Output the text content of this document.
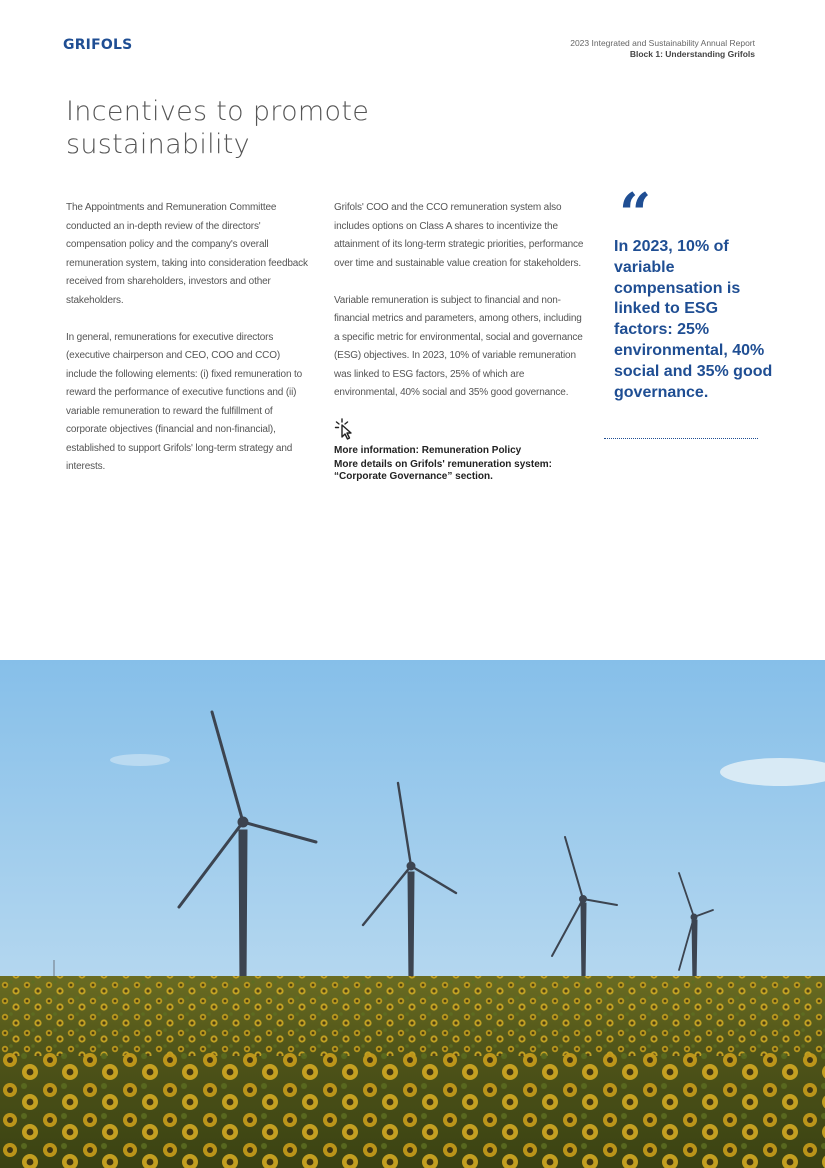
GRIFOLS	2023 Integrated and Sustainability Annual Report
Block 1: Understanding Grifols
Incentives to promote sustainability

The Appointments and Remuneration Committee conducted an in-depth review of the directors' compensation policy and the company's overall remuneration system, taking into consideration feedback received from shareholders, investors and other stakeholders.

In general, remunerations for executive directors (executive chairperson and CEO, COO and CCO) include the following elements: (i) fixed remuneration to reward the performance of executive functions and (ii) variable remuneration to reward the fulfillment of corporate objectives (financial and non-financial), established to support Grifols' long-term strategy and interests.

Grifols' COO and the CCO remuneration system also includes options on Class A shares to incentivize the attainment of its long-term strategic priorities, performance over time and sustainable value creation for stakeholders.

Variable remuneration is subject to financial and non-financial metrics and parameters, among others, including a specific metric for environmental, social and governance (ESG) objectives. In 2023, 10% of variable remuneration was linked to ESG factors, 25% of which are environmental, 40% social and 35% good governance.

More information: Remuneration Policy
More details on Grifols' remuneration system: “Corporate Governance” section.
“

In 2023, 10% of variable compensation is linked to ESG factors: 25% environmental, 40% social and 35% good governance.
